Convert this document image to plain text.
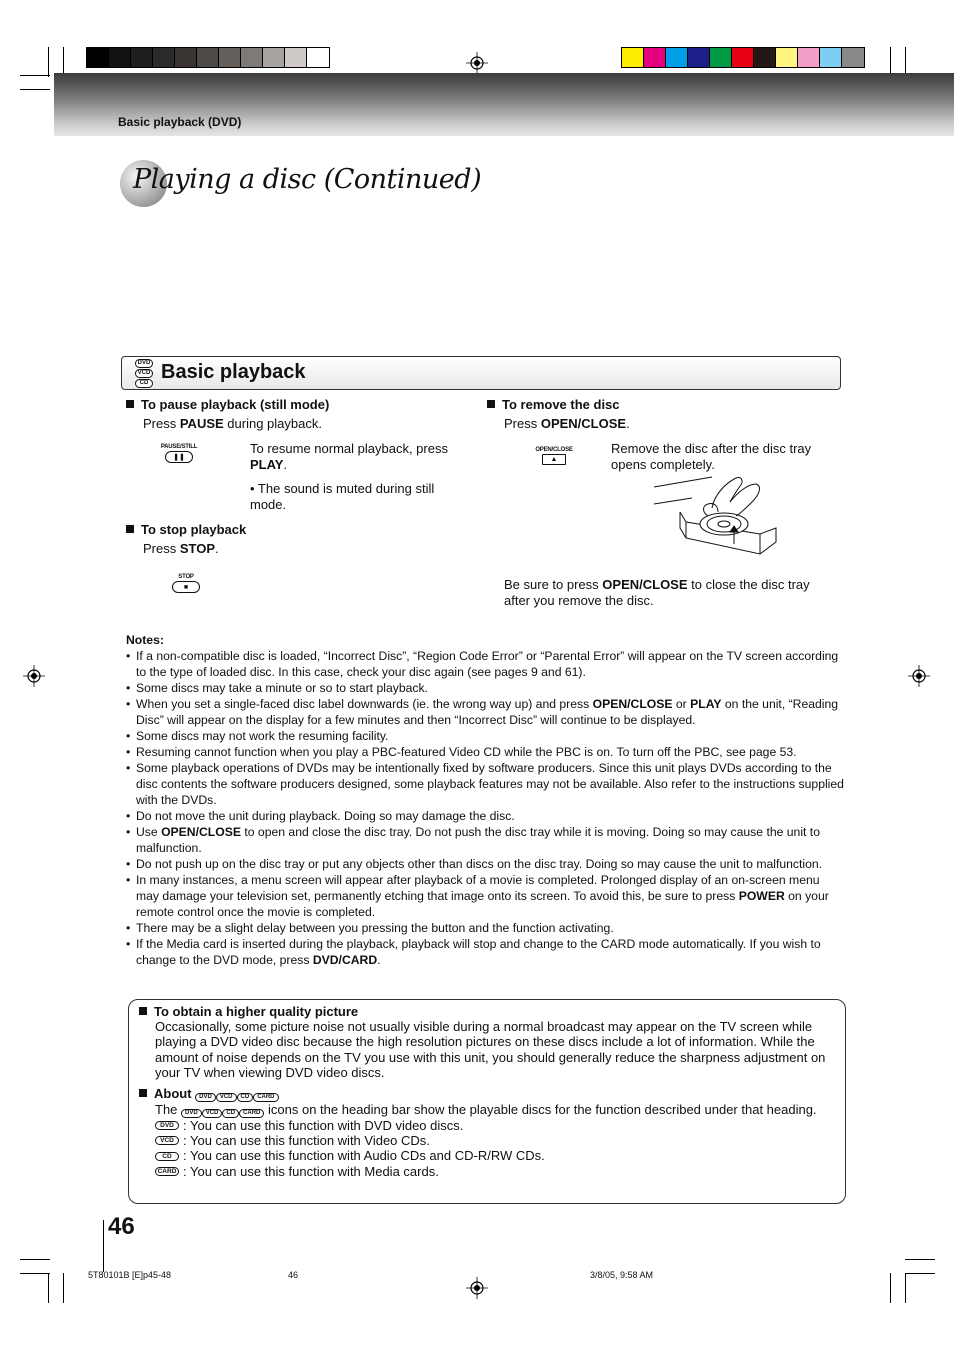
Basic playback (DVD)
Playing a disc (Continued)
DVD
VCD
CD Basic playback
To pause playback (still mode)
Press PAUSE during playback.
PAUSE/STILL
❚❚
To resume normal playback, press PLAY.
• The sound is muted during still mode.
To stop playback
Press STOP.
STOP
■
To remove the disc
Press OPEN/CLOSE.
OPEN/CLOSE
▲
Remove the disc after the disc tray opens completely.
Be sure to press OPEN/CLOSE to close the disc tray after you remove the disc.
Notes:
• If a non-compatible disc is loaded, “Incorrect Disc”, “Region Code Error” or “Parental Error” will appear on the TV screen according to the type of loaded disc. In this case, check your disc again (see pages 9 and 61).
• Some discs may take a minute or so to start playback.
• When you set a single-faced disc label downwards (ie. the wrong way up) and press OPEN/CLOSE or PLAY on the unit, “Reading Disc” will appear on the display for a few minutes and then “Incorrect Disc” will continue to be displayed.
• Some discs may not work the resuming facility.
• Resuming cannot function when you play a PBC-featured Video CD while the PBC is on. To turn off the PBC, see page 53.
• Some playback operations of DVDs may be intentionally fixed by software producers. Since this unit plays DVDs according to the disc contents the software producers designed, some playback features may not be available. Also refer to the instructions supplied with the DVDs.
• Do not move the unit during playback. Doing so may damage the disc.
• Use OPEN/CLOSE to open and close the disc tray. Do not push the disc tray while it is moving. Doing so may cause the unit to malfunction.
• Do not push up on the disc tray or put any objects other than discs on the disc tray. Doing so may cause the unit to malfunction.
• In many instances, a menu screen will appear after playback of a movie is completed. Prolonged display of an on-screen menu may damage your television set, permanently etching that image onto its screen. To avoid this, be sure to press POWER on your remote control once the movie is completed.
• There may be a slight delay between you pressing the button and the function activating.
• If the Media card is inserted during the playback, playback will stop and change to the CARD mode automatically. If you wish to change to the DVD mode, press DVD/CARD.
To obtain a higher quality picture
Occasionally, some picture noise not usually visible during a normal broadcast may appear on the TV screen while playing a DVD video disc because the high resolution pictures on these discs include a lot of information. While the amount of noise depends on the TV you use with this unit, you should generally reduce the sharpness adjustment on your TV when viewing DVD video discs.
About DVD VCD CD CARD
The DVD VCD CD CARD icons on the heading bar show the playable discs for the function described under that heading.
DVD : You can use this function with DVD video discs.
VCD : You can use this function with Video CDs.
CD : You can use this function with Audio CDs and CD-R/RW CDs.
CARD : You can use this function with Media cards.
46
5T80101B [E]p45-48	46	3/8/05, 9:58 AM
